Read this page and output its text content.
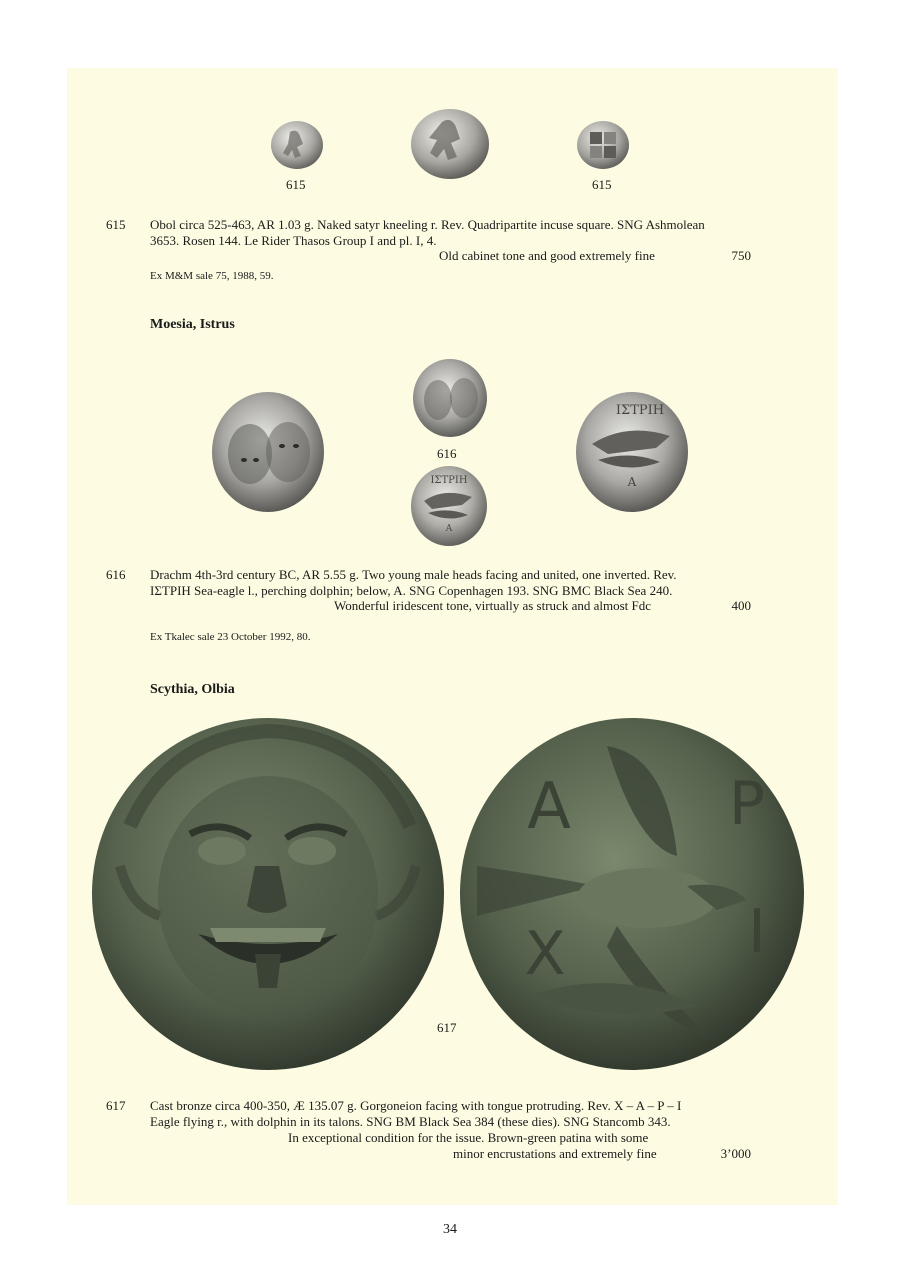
615	615
615 Obol circa 525-463, AR 1.03 g. Naked satyr kneeling r. Rev. Quadripartite incuse square. SNG Ashmolean
3653. Rosen 144. Le Rider Thasos Group I and pl. I, 4.
Old cabinet tone and good extremely fine	750
Ex M&M sale 75, 1988, 59.
Moesia, Istrus
616
ΙΣΤΡΙΗ
A
ΙΣΤΡΙΗ
A
616 Drachm 4th-3rd century BC, AR 5.55 g. Two young male heads facing and united, one inverted. Rev.
ΙΣΤΡΙΗ Sea-eagle l., perching dolphin; below, A. SNG Copenhagen 193. SNG BMC Black Sea 240.
Wonderful iridescent tone, virtually as struck and almost Fdc	400
Ex Tkalec sale 23 October 1992, 80.
Scythia, Olbia
617
A	P
X	I
617 Cast bronze circa 400-350, Æ 135.07 g. Gorgoneion facing with tongue protruding. Rev. X – A – P – I
Eagle flying r., with dolphin in its talons. SNG BM Black Sea 384 (these dies). SNG Stancomb 343.
In exceptional condition for the issue. Brown-green patina with some
minor encrustations and extremely fine	3’000
34
